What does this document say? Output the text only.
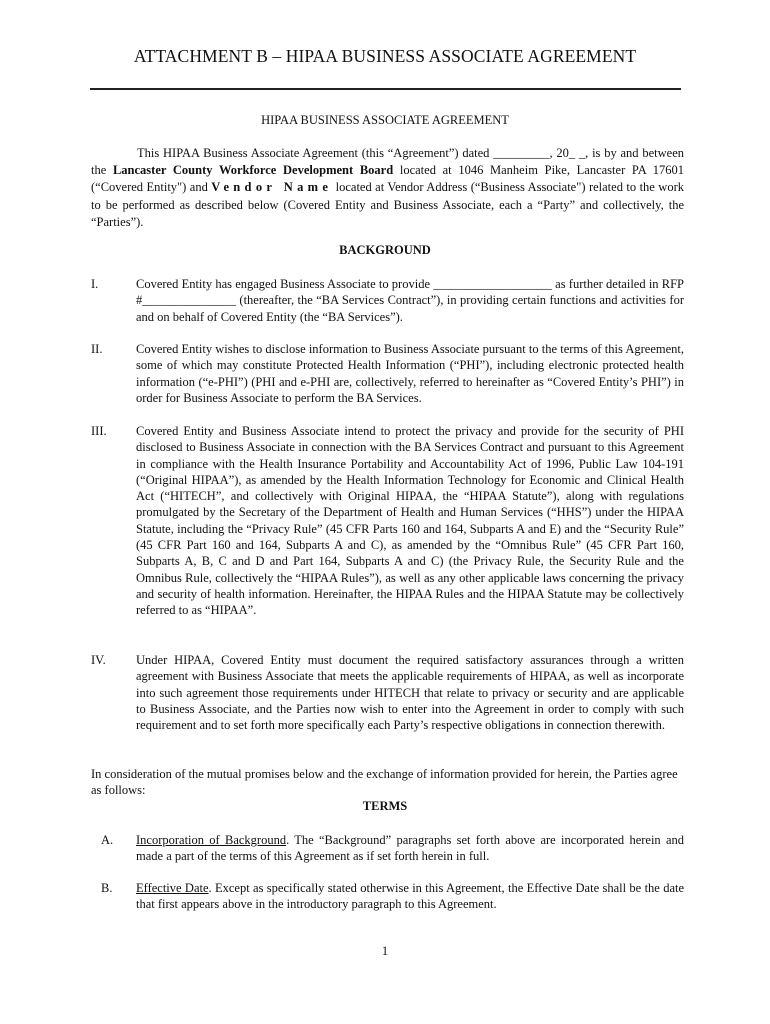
ATTACHMENT B – HIPAA BUSINESS ASSOCIATE AGREEMENT
HIPAA BUSINESS ASSOCIATE AGREEMENT
This HIPAA Business Associate Agreement (this “Agreement”) dated _________, 20_ _, is by and between the Lancaster County Workforce Development Board located at 1046 Manheim Pike, Lancaster PA 17601 (“Covered Entity") and Vendor Name located at Vendor Address (“Business Associate") related to the work to be performed as described below (Covered Entity and Business Associate, each a “Party” and collectively, the “Parties”).
BACKGROUND
I.	Covered Entity has engaged Business Associate to provide ___________________ as further detailed in RFP #_______________ (thereafter, the “BA Services Contract”), in providing certain functions and activities for and on behalf of Covered Entity (the “BA Services”).
II.	Covered Entity wishes to disclose information to Business Associate pursuant to the terms of this Agreement, some of which may constitute Protected Health Information (“PHI”), including electronic protected health information (“e-PHI”) (PHI and e-PHI are, collectively, referred to hereinafter as “Covered Entity’s PHI”) in order for Business Associate to perform the BA Services.
III.	Covered Entity and Business Associate intend to protect the privacy and provide for the security of PHI disclosed to Business Associate in connection with the BA Services Contract and pursuant to this Agreement in compliance with the Health Insurance Portability and Accountability Act of 1996, Public Law 104-191 (“Original HIPAA”), as amended by the Health Information Technology for Economic and Clinical Health Act (“HITECH”, and collectively with Original HIPAA, the “HIPAA Statute”), along with regulations promulgated by the Secretary of the Department of Health and Human Services (“HHS”) under the HIPAA Statute, including the “Privacy Rule” (45 CFR Parts 160 and 164, Subparts A and E) and the “Security Rule” (45 CFR Part 160 and 164, Subparts A and C), as amended by the “Omnibus Rule” (45 CFR Part 160, Subparts A, B, C and D and Part 164, Subparts A and C) (the Privacy Rule, the Security Rule and the Omnibus Rule, collectively the “HIPAA Rules”), as well as any other applicable laws concerning the privacy and security of health information. Hereinafter, the HIPAA Rules and the HIPAA Statute may be collectively referred to as “HIPAA”.
IV.	Under HIPAA, Covered Entity must document the required satisfactory assurances through a written agreement with Business Associate that meets the applicable requirements of HIPAA, as well as incorporate into such agreement those requirements under HITECH that relate to privacy or security and are applicable to Business Associate, and the Parties now wish to enter into the Agreement in order to comply with such requirement and to set forth more specifically each Party’s respective obligations in connection therewith.
In consideration of the mutual promises below and the exchange of information provided for herein, the Parties agree as follows:
TERMS
A.	Incorporation of Background. The “Background” paragraphs set forth above are incorporated herein and made a part of the terms of this Agreement as if set forth herein in full.
B.	Effective Date. Except as specifically stated otherwise in this Agreement, the Effective Date shall be the date that first appears above in the introductory paragraph to this Agreement.
1
